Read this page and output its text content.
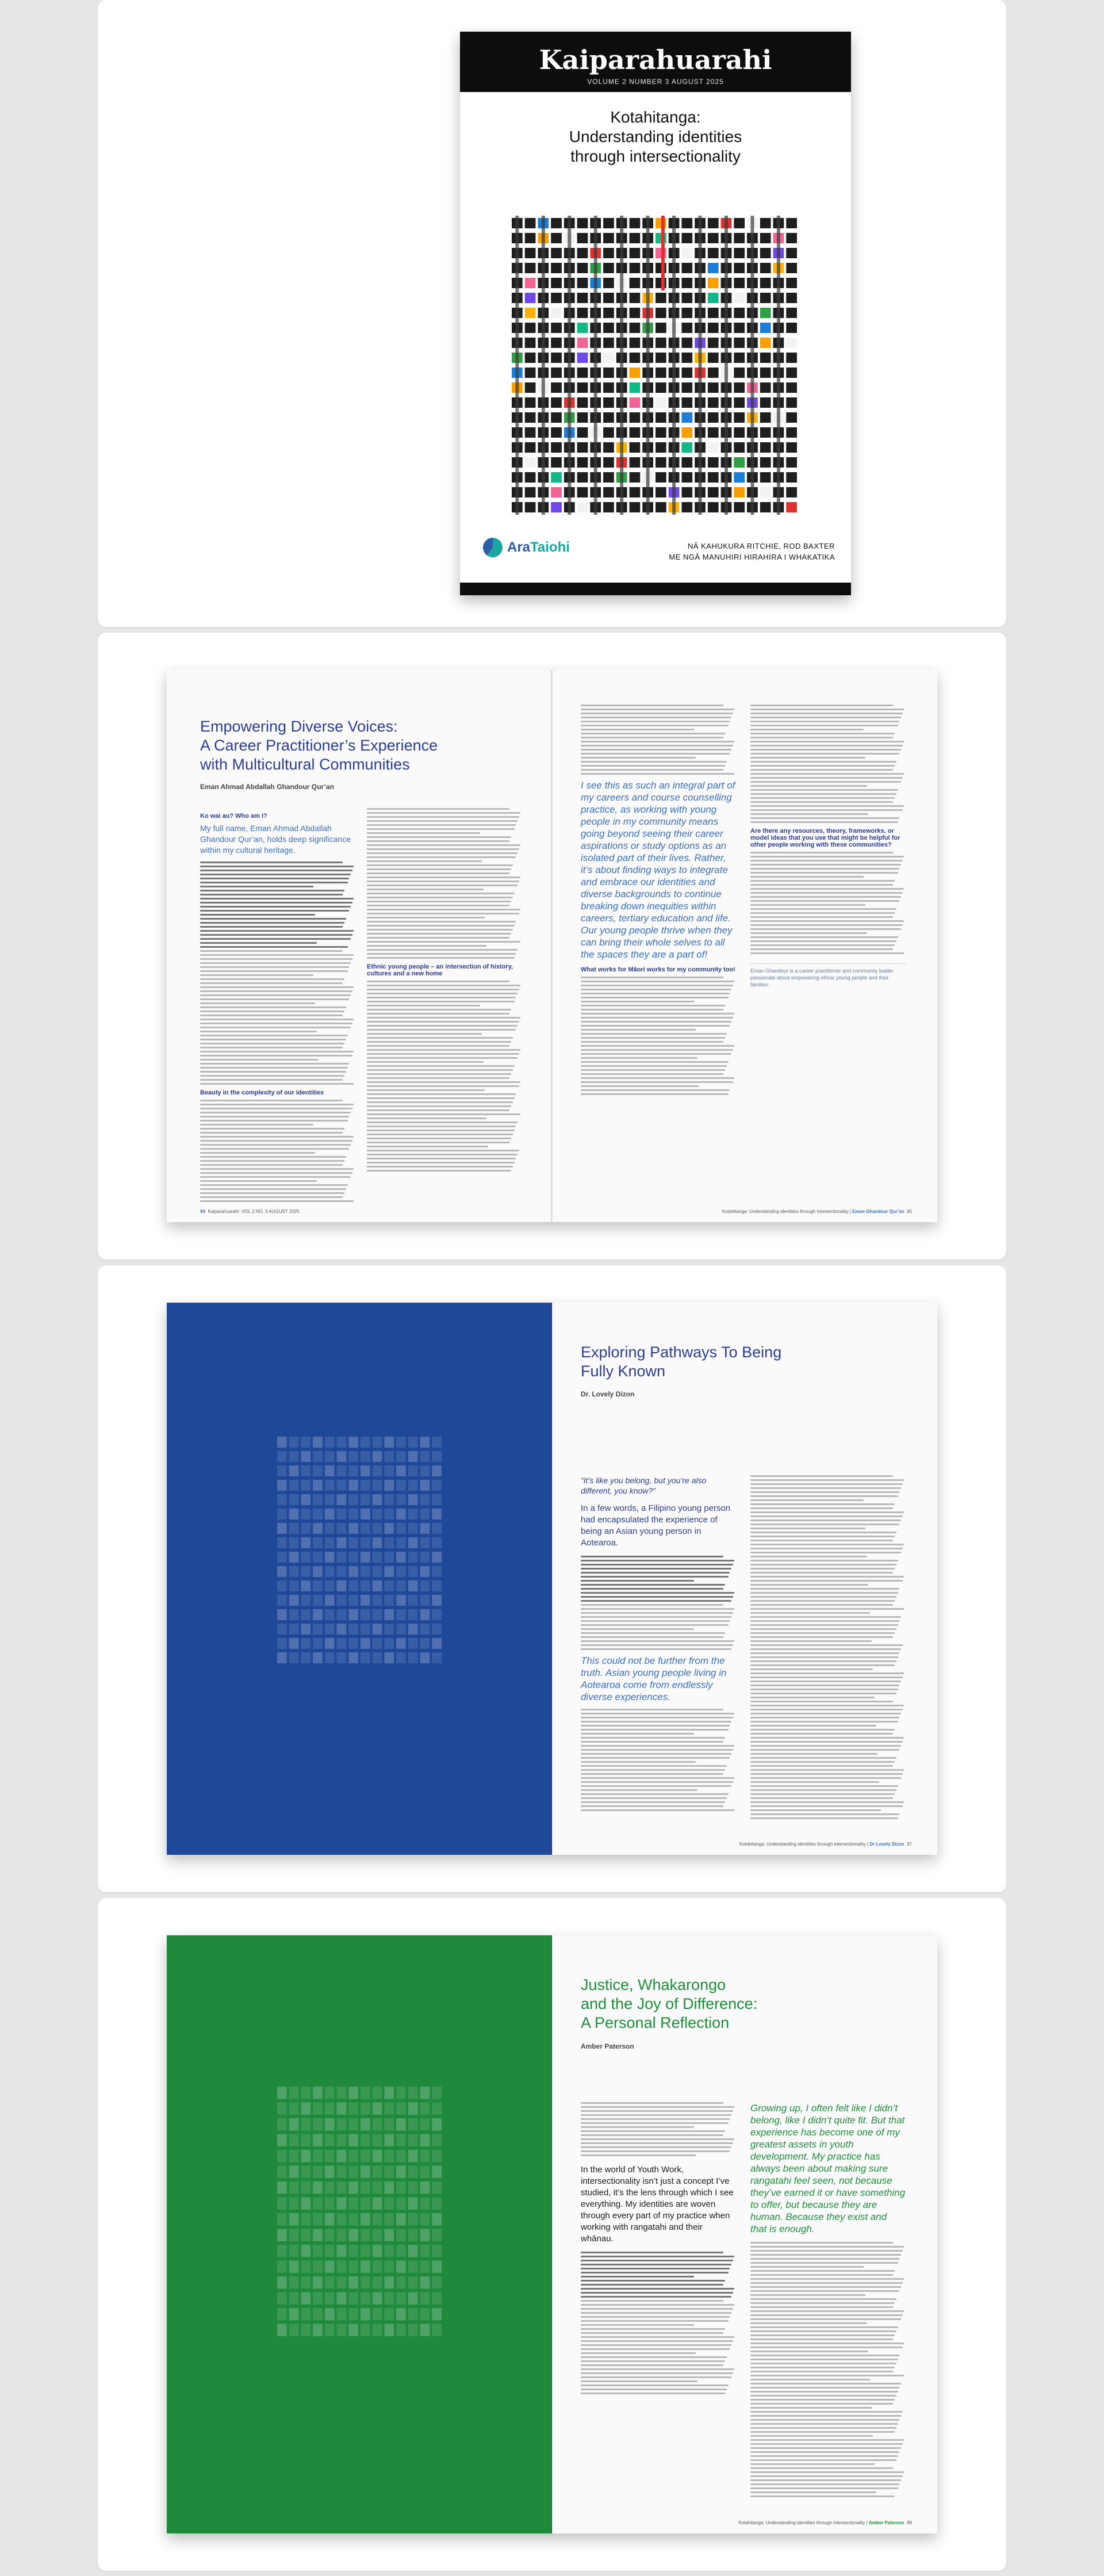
Kaiparahuarahi
VOLUME 2 NUMBER 3 AUGUST 2025
Kotahitanga:
Understanding identities
through intersectionality
AraTaiohi	NĀ KAHUKURA RITCHIE, ROD BAXTER
ME NGĀ MANUHIRI HIRAHIRA I WHAKATIKA
Empowering Diverse Voices:
A Career Practitioner’s Experience
with Multicultural Communities
Eman Ahmad Abdallah Ghandour Qur’an
Ko wai au? Who am I?
My full name, Eman Ahmad Abdallah Ghandour Qur’an, holds deep significance within my cultural heritage.
Beauty in the complexity of our identities
Ethnic young people – an intersection of history, cultures and a new home
94 Kaiparahuarahi VOL 2 NO. 3 AUGUST 2025
I see this as such an integral part of my careers and course counselling practice, as working with young people in my community means going beyond seeing their career aspirations or study options as an isolated part of their lives. Rather, it’s about finding ways to integrate and embrace our identities and diverse backgrounds to continue breaking down inequities within careers, tertiary education and life. Our young people thrive when they can bring their whole selves to all the spaces they are a part of!
What works for Māori works for my community too!
Are there any resources, theory, frameworks, or model ideas that you use that might be helpful for other people working with these communities?
Eman Ghandour is a career practitioner and community leader passionate about empowering ethnic young people and their families.
Kotahitanga: Understanding identities through intersectionality | Eman Ghandour Qur’an 95
Exploring Pathways To Being
Fully Known
Dr. Lovely Dizon
“It’s like you belong, but you’re also different, you know?”
In a few words, a Filipino young person had encapsulated the experience of being an Asian young person in Aotearoa.
This could not be further from the truth. Asian young people living in Aotearoa come from endlessly diverse experiences.
Kotahitanga: Understanding identities through intersectionality | Dr Lovely Dizon 97
Justice, Whakarongo
and the Joy of Difference:
A Personal Reflection
Amber Paterson
In the world of Youth Work, intersectionality isn’t just a concept I’ve studied, it’s the lens through which I see everything. My identities are woven through every part of my practice when working with rangatahi and their whānau.
Growing up, I often felt like I didn’t belong, like I didn’t quite fit. But that experience has become one of my greatest assets in youth development. My practice has always been about making sure rangatahi feel seen, not because they’ve earned it or have something to offer, but because they are human. Because they exist and that is enough.
Kotahitanga: Understanding identities through intersectionality | Amber Paterson 99
